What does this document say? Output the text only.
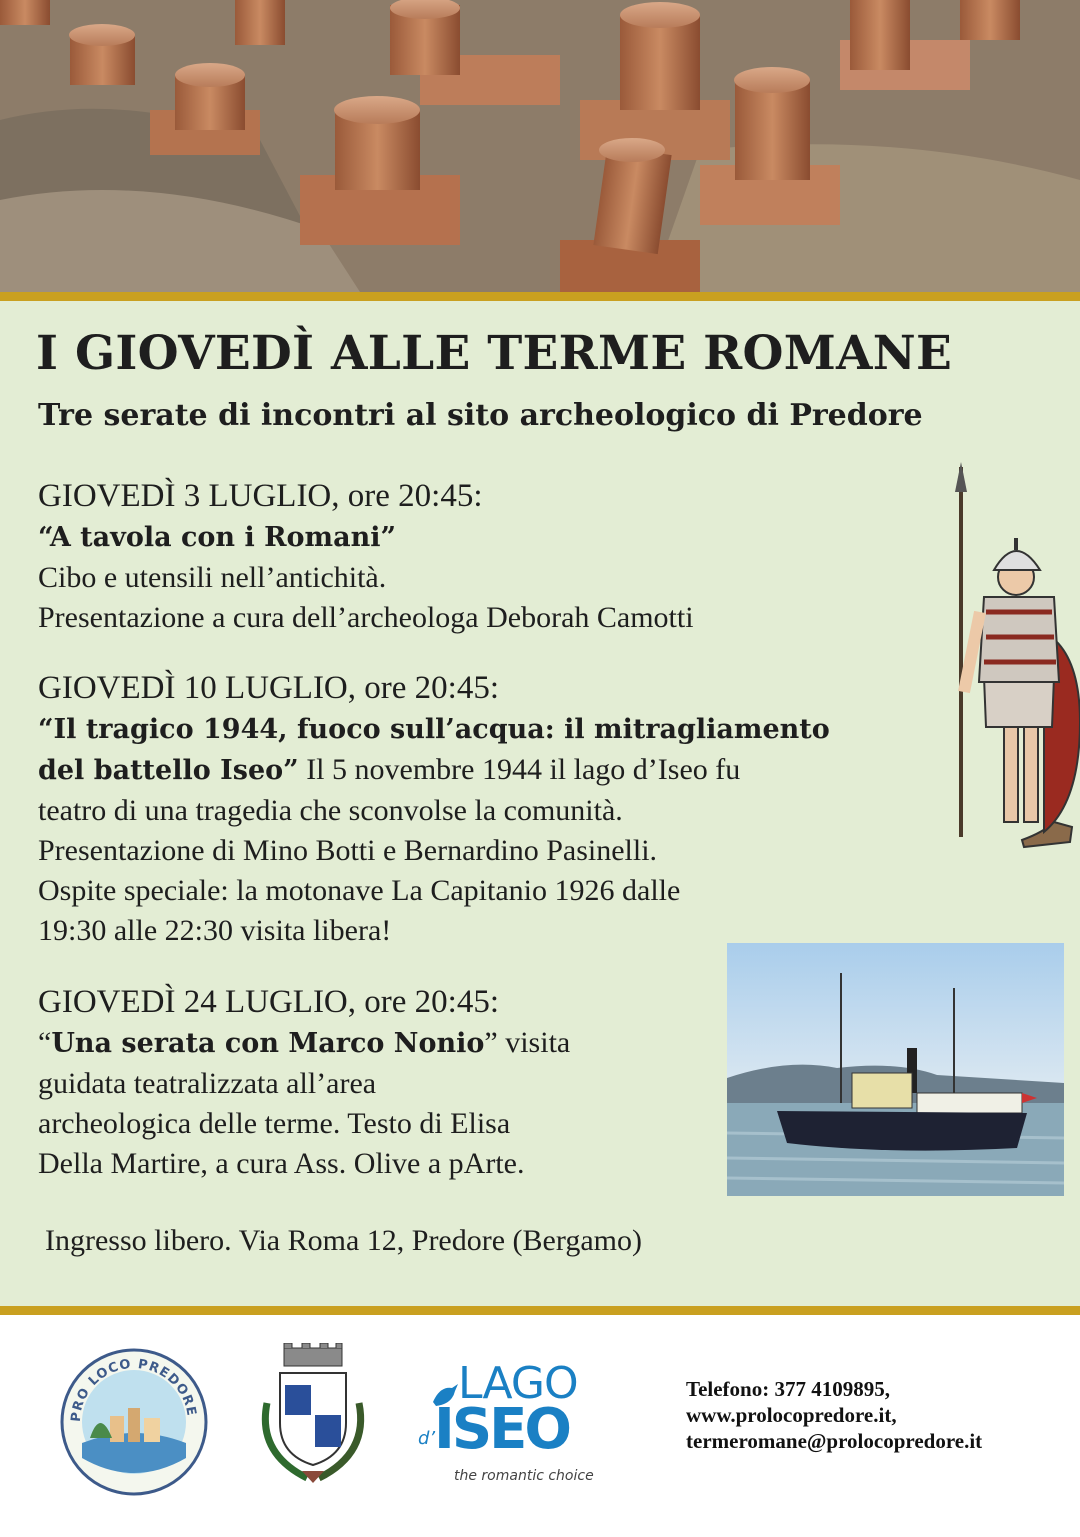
I GIOVEDÌ ALLE TERME ROMANE
Tre serate di incontri al sito archeologico di Predore
GIOVEDÌ 3 LUGLIO, ore 20:45:
“A tavola con i Romani”
Cibo e utensili nell’antichità.
Presentazione a cura dell’archeologa Deborah Camotti
GIOVEDÌ 10 LUGLIO, ore 20:45:
“Il tragico 1944, fuoco sull’acqua: il mitragliamento
del battello Iseo” Il 5 novembre 1944 il lago d’Iseo fu
teatro di una tragedia che sconvolse la comunità.
Presentazione di Mino Botti e Bernardino Pasinelli.
Ospite speciale: la motonave La Capitanio 1926 dalle
19:30 alle 22:30 visita libera!
GIOVEDÌ 24 LUGLIO, ore 20:45:
“Una serata con Marco Nonio” visita
guidata teatralizzata all’area
archeologica delle terme. Testo di Elisa
Della Martire, a cura Ass. Olive a pArte.
Ingresso libero. Via Roma 12, Predore (Bergamo)
PRO LOCO PREDORE
LAGO
d’
ISEO
the romantic choice
Telefono: 377 4109895,
www.prolocopredore.it,
termeromane@prolocopredore.it
